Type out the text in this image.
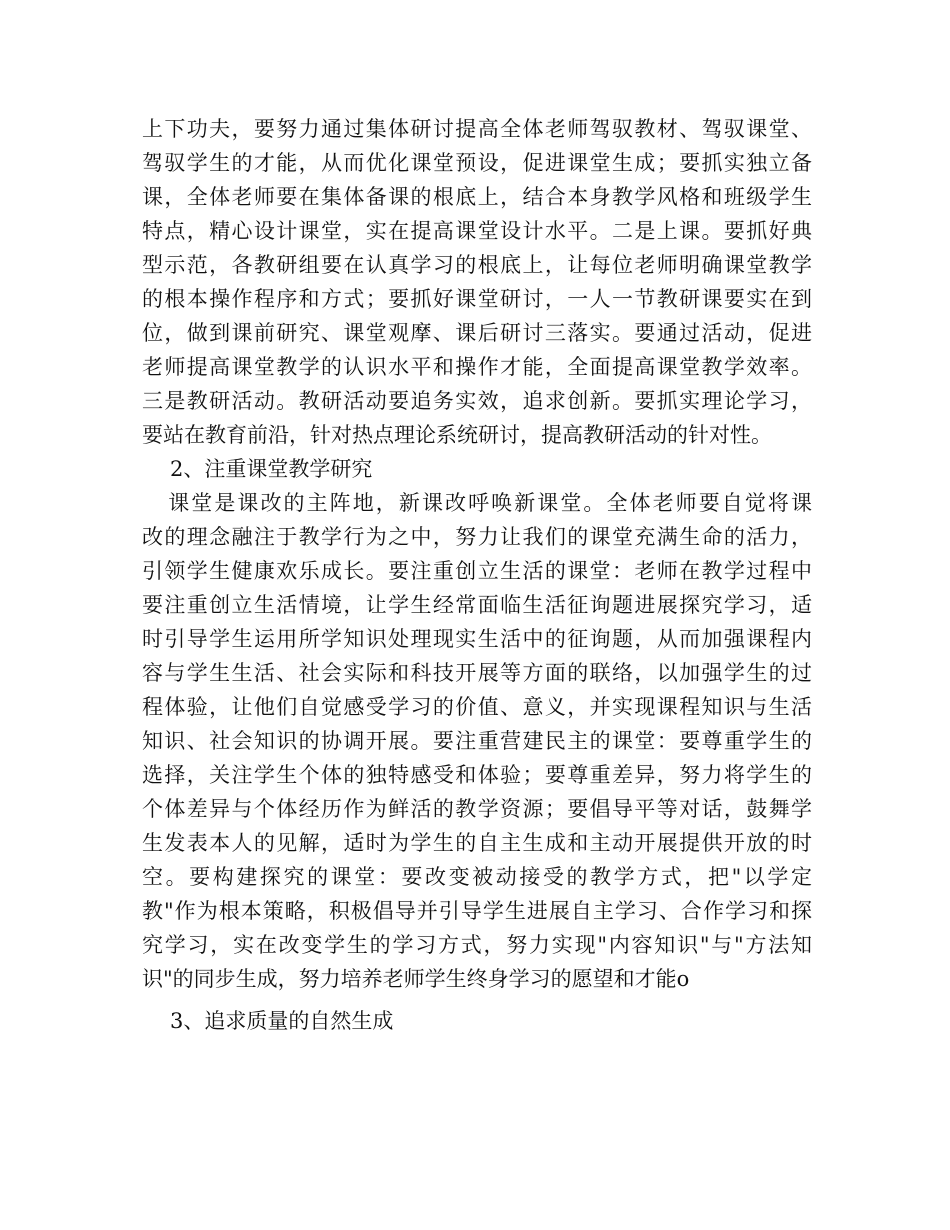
上下功夫，要努力通过集体研讨提高全体老师驾驭教材、驾驭课堂、
驾驭学生的才能，从而优化课堂预设，促进课堂生成；要抓实独立备
课，全体老师要在集体备课的根底上，结合本身教学风格和班级学生
特点，精心设计课堂，实在提高课堂设计水平。二是上课。要抓好典
型示范，各教研组要在认真学习的根底上，让每位老师明确课堂教学
的根本操作程序和方式；要抓好课堂研讨，一人一节教研课要实在到
位，做到课前研究、课堂观摩、课后研讨三落实。要通过活动，促进
老师提高课堂教学的认识水平和操作才能，全面提高课堂教学效率。
三是教研活动。教研活动要追务实效，追求创新。要抓实理论学习，
要站在教育前沿，针对热点理论系统研讨，提高教研活动的针对性。
2、注重课堂教学研究
课堂是课改的主阵地，新课改呼唤新课堂。全体老师要自觉将课
改的理念融注于教学行为之中，努力让我们的课堂充满生命的活力，
引领学生健康欢乐成长。要注重创立生活的课堂：老师在教学过程中
要注重创立生活情境，让学生经常面临生活征询题进展探究学习，适
时引导学生运用所学知识处理现实生活中的征询题，从而加强课程内
容与学生生活、社会实际和科技开展等方面的联络，以加强学生的过
程体验，让他们自觉感受学习的价值、意义，并实现课程知识与生活
知识、社会知识的协调开展。要注重营建民主的课堂：要尊重学生的
选择，关注学生个体的独特感受和体验；要尊重差异，努力将学生的
个体差异与个体经历作为鲜活的教学资源；要倡导平等对话，鼓舞学
生发表本人的见解，适时为学生的自主生成和主动开展提供开放的时
空。要构建探究的课堂：要改变被动接受的教学方式，把"以学定
教"作为根本策略，积极倡导并引导学生进展自主学习、合作学习和探
究学习，实在改变学生的学习方式，努力实现"内容知识"与"方法知
识"的同步生成，努力培养老师学生终身学习的愿望和才能ο
3、追求质量的自然生成
